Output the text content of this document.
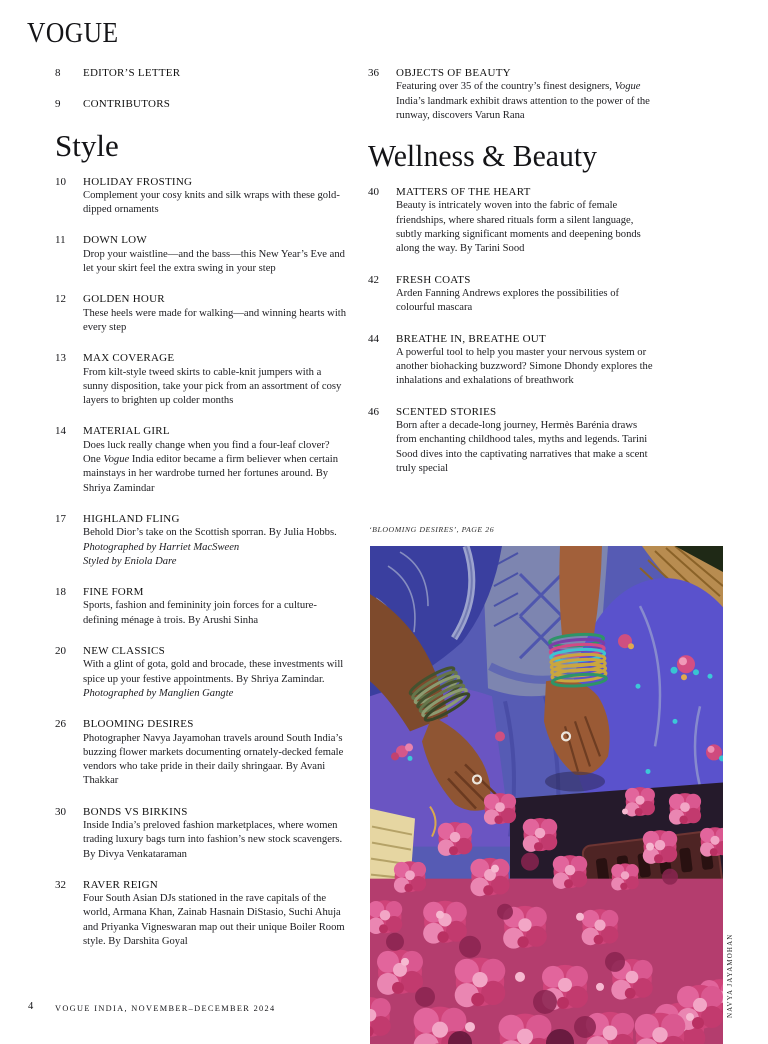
VOGUE
8	EDITOR’S LETTER
9	CONTRIBUTORS
Style
10	HOLIDAY FROSTING
Complement your cosy knits and silk wraps with these gold-dipped ornaments
11	DOWN LOW
Drop your waistline—and the bass—this New Year’s Eve and let your skirt feel the extra swing in your step
12	GOLDEN HOUR
These heels were made for walking—and winning hearts with every step
13	MAX COVERAGE
From kilt-style tweed skirts to cable-knit jumpers with a sunny disposition, take your pick from an assortment of cosy layers to brighten up colder months
14	MATERIAL GIRL
Does luck really change when you find a four-leaf clover? One Vogue India editor became a firm believer when certain mainstays in her wardrobe turned her fortunes around. By Shriya Zamindar
17	HIGHLAND FLING
Behold Dior’s take on the Scottish sporran. By Julia Hobbs.
Photographed by Harriet MacSween
Styled by Eniola Dare
18	FINE FORM
Sports, fashion and femininity join forces for a culture-defining ménage à trois. By Arushi Sinha
20	NEW CLASSICS
With a glint of gota, gold and brocade, these investments will spice up your festive appointments. By Shriya Zamindar.
Photographed by Manglien Gangte
26	BLOOMING DESIRES
Photographer Navya Jayamohan travels around South India’s buzzing flower markets documenting ornately-decked female vendors who take pride in their daily shringaar. By Avani Thakkar
30	BONDS VS BIRKINS
Inside India’s preloved fashion marketplaces, where women trading luxury bags turn into fashion’s new stock scavengers. By Divya Venkataraman
32	RAVER REIGN
Four South Asian DJs stationed in the rave capitals of the world, Armana Khan, Zainab Hasnain DiStasio, Suchi Ahuja and Priyanka Vigneswaran map out their unique Boiler Room style. By Darshita Goyal
36	OBJECTS OF BEAUTY
Featuring over 35 of the country’s finest designers, Vogue India’s landmark exhibit draws attention to the power of the runway, discovers Varun Rana
Wellness & Beauty
40	MATTERS OF THE HEART
Beauty is intricately woven into the fabric of female friendships, where shared rituals form a silent language, subtly marking significant moments and deepening bonds along the way. By Tarini Sood
42	FRESH COATS
Arden Fanning Andrews explores the possibilities of colourful mascara
44	BREATHE IN, BREATHE OUT
A powerful tool to help you master your nervous system or another biohacking buzzword? Simone Dhondy explores the inhalations and exhalations of breathwork
46	SCENTED STORIES
Born after a decade-long journey, Hermès Barénia draws from enchanting childhood tales, myths and legends. Tarini Sood dives into the captivating narratives that make a scent truly special
‘BLOOMING DESIRES’, PAGE 26
NAVYA JAYAMOHAN
4	VOGUE INDIA, NOVEMBER–DECEMBER 2024
